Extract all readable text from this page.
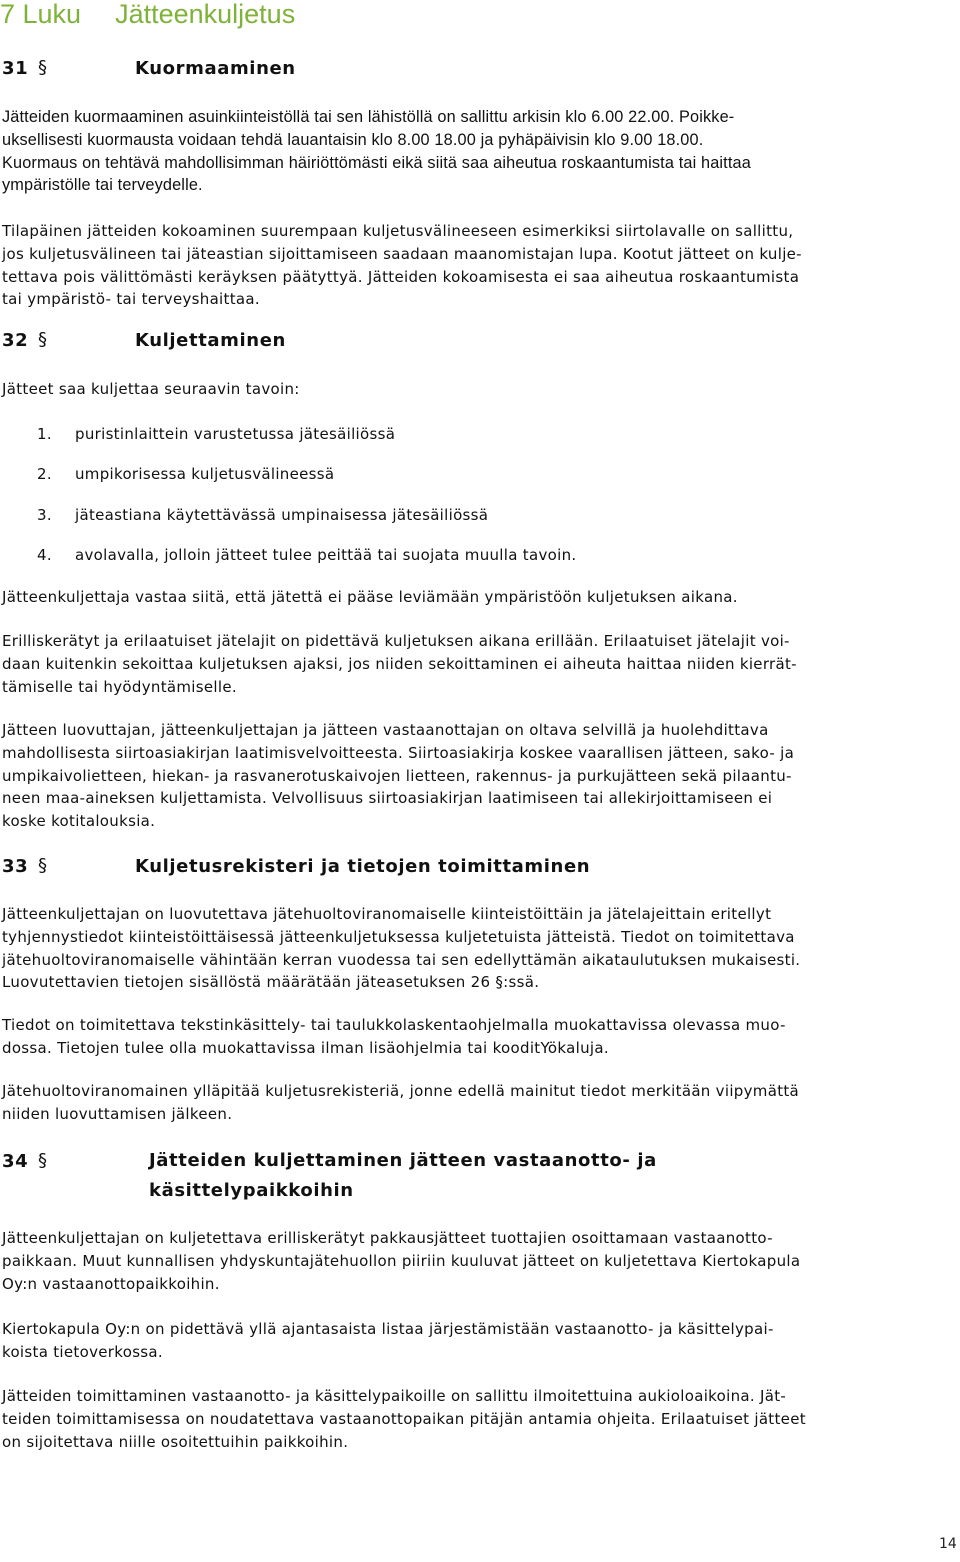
7 Luku Jätteenkuljetus
31 §	Kuormaaminen

Jätteiden kuormaaminen asuinkiinteistöllä tai sen lähistöllä on sallittu arkisin klo 6.00 22.00. Poikke-
uksellisesti kuormausta voidaan tehdä lauantaisin klo 8.00 18.00 ja pyhäpäivisin klo 9.00 18.00.
Kuormaus on tehtävä mahdollisimman häiriöttömästi eikä siitä saa aiheutua roskaantumista tai haittaa
ympäristölle tai terveydelle.

Tilapäinen jätteiden kokoaminen suurempaan kuljetusvälineeseen esimerkiksi siirtolavalle on sallittu,
jos kuljetusvälineen tai jäteastian sijoittamiseen saadaan maanomistajan lupa. Kootut jätteet on kulje-
tettava pois välittömästi keräyksen päätyttyä. Jätteiden kokoamisesta ei saa aiheutua roskaantumista
tai ympäristö- tai terveyshaittaa.

32 §	Kuljettaminen

Jätteet saa kuljettaa seuraavin tavoin:

1. puristinlaittein varustetussa jätesäiliössä

2. umpikorisessa kuljetusvälineessä

3. jäteastiana käytettävässä umpinaisessa jätesäiliössä

4. avolavalla, jolloin jätteet tulee peittää tai suojata muulla tavoin.

Jätteenkuljettaja vastaa siitä, että jätettä ei pääse leviämään ympäristöön kuljetuksen aikana.

Erilliskerätyt ja erilaatuiset jätelajit on pidettävä kuljetuksen aikana erillään. Erilaatuiset jätelajit voi-
daan kuitenkin sekoittaa kuljetuksen ajaksi, jos niiden sekoittaminen ei aiheuta haittaa niiden kierrät-
tämiselle tai hyödyntämiselle.

Jätteen luovuttajan, jätteenkuljettajan ja jätteen vastaanottajan on oltava selvillä ja huolehdittava
mahdollisesta siirtoasiakirjan laatimisvelvoitteesta. Siirtoasiakirja koskee vaarallisen jätteen, sako- ja
umpikaivolietteen, hiekan- ja rasvanerotuskaivojen lietteen, rakennus- ja purkujätteen sekä pilaantu-
neen maa-aineksen kuljettamista. Velvollisuus siirtoasiakirjan laatimiseen tai allekirjoittamiseen ei
koske kotitalouksia.

33 §	Kuljetusrekisteri ja tietojen toimittaminen

Jätteenkuljettajan on luovutettava jätehuoltoviranomaiselle kiinteistöittäin ja jätelajeittain eritellyt
tyhjennystiedot kiinteistöittäisessä jätteenkuljetuksessa kuljetetuista jätteistä. Tiedot on toimitettava
jätehuoltoviranomaiselle vähintään kerran vuodessa tai sen edellyttämän aikataulutuksen mukaisesti.
Luovutettavien tietojen sisällöstä määrätään jäteasetuksen 26 §:ssä.

Tiedot on toimitettava tekstinkäsittely- tai taulukkolaskentaohjelmalla muokattavissa olevassa muo-
dossa. Tietojen tulee olla muokattavissa ilman lisäohjelmia tai kooditYökaluja.

Jätehuoltoviranomainen ylläpitää kuljetusrekisteriä, jonne edellä mainitut tiedot merkitään viipymättä
niiden luovuttamisen jälkeen.

34 §	Jätteiden kuljettaminen jätteen vastaanotto- ja
käsittelypaikkoihin

Jätteenkuljettajan on kuljetettava erilliskerätyt pakkausjätteet tuottajien osoittamaan vastaanotto-
paikkaan. Muut kunnallisen yhdyskuntajätehuollon piiriin kuuluvat jätteet on kuljetettava Kiertokapula
Oy:n vastaanottopaikkoihin.

Kiertokapula Oy:n on pidettävä yllä ajantasaista listaa järjestämistään vastaanotto- ja käsittelypai-
koista tietoverkossa.

Jätteiden toimittaminen vastaanotto- ja käsittelypaikoille on sallittu ilmoitettuina aukioloaikoina. Jät-
teiden toimittamisessa on noudatettava vastaanottopaikan pitäjän antamia ohjeita. Erilaatuiset jätteet
on sijoitettava niille osoitettuihin paikkoihin.

14
